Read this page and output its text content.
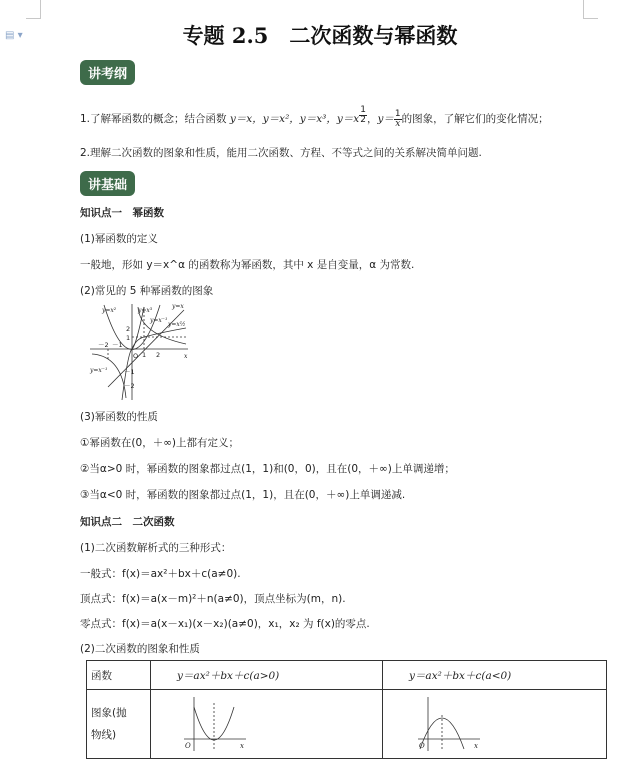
▤ ▾	专题 2.5　二次函数与幂函数
讲考纲
1.了解幂函数的概念；结合函数 y＝x，y＝x²，y＝x³，y＝x $^{\frac{1}{2}}$，$y= \frac{1}{x}$的图象，了解它们的变化情况；
2.理解二次函数的图象和性质，能用二次函数、方程、不等式之间的关系解决简单问题.
讲基础
知识点一　幂函数
(1)幂函数的定义
一般地，形如 y＝x^α 的函数称为幂函数，其中 x 是自变量，α 为常数.
(2)常见的 5 种幂函数的图象
y=x²	y=x³
y=x
y=x½
y=x⁻¹
y=x⁻¹
x
2
1
O
－2 －1
1 2
－1
－2
(3)幂函数的性质
①幂函数在(0，＋∞)上都有定义；
②当α>0 时，幂函数的图象都过点(1，1)和(0，0)，且在(0，＋∞)上单调递增；
③当α<0 时，幂函数的图象都过点(1，1)，且在(0，＋∞)上单调递减.
知识点二　二次函数
(1)二次函数解析式的三种形式：
一般式：f(x)＝ax²＋bx＋c(a≠0).
顶点式：f(x)＝a(x－m)²＋n(a≠0)，顶点坐标为(m，n).
零点式：f(x)＝a(x－x₁)(x－x₂)(a≠0)，x₁，x₂ 为 f(x)的零点.
(2)二次函数的图象和性质
函数	y＝ax²＋bx＋c(a>0)	y＝ax²＋bx＋c(a<0)
图象(抛
物线)	O x	O x
